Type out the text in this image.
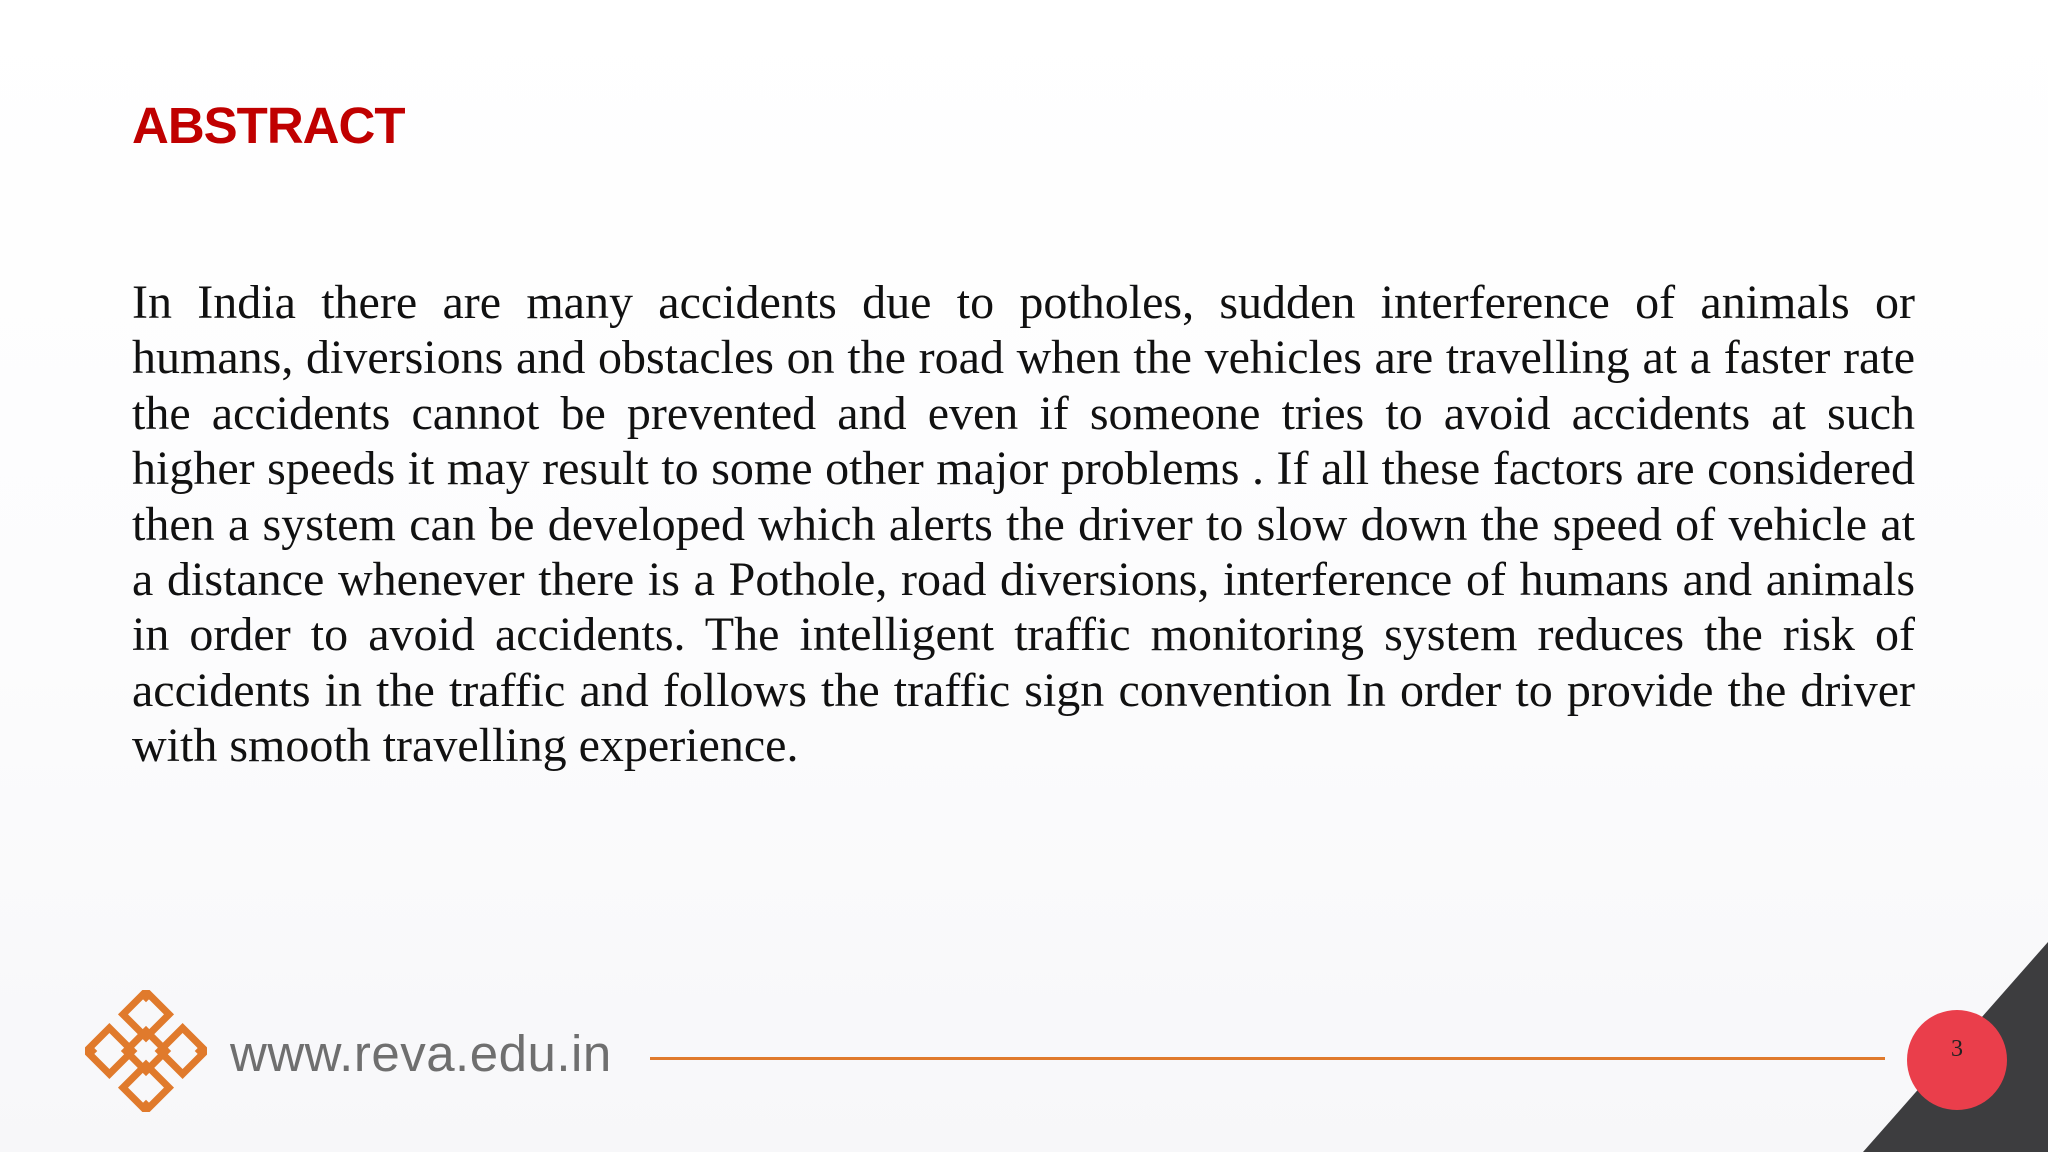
ABSTRACT

In India there are many accidents due to potholes, sudden interference of animals or humans, diversions and obstacles on the road when the vehicles are travelling at a faster rate the accidents cannot be prevented and even if someone tries to avoid accidents at such higher speeds it may result to some other major problems . If all these factors are considered then a system can be developed which alerts the driver to slow down the speed of vehicle at a distance whenever there is a Pothole, road diversions, interference of humans and animals in order to avoid accidents. The intelligent traffic monitoring system reduces the risk of accidents in the traffic and follows the traffic sign convention In order to provide the driver with smooth travelling experience.

www.reva.edu.in	3
